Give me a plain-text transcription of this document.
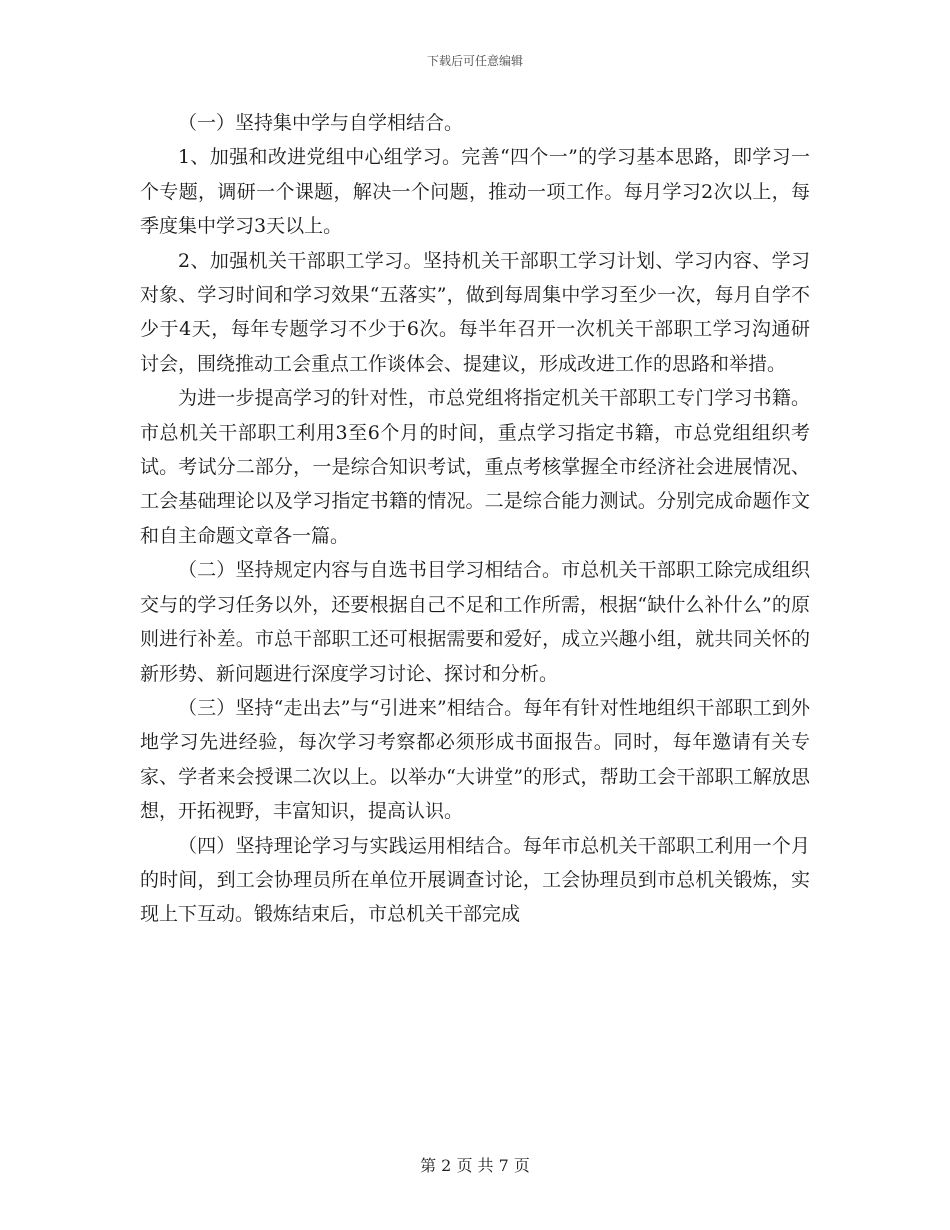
下载后可任意编辑

（一）坚持集中学与自学相结合。

1、加强和改进党组中心组学习。完善“四个一”的学习基本思路，即学习一个专题，调研一个课题，解决一个问题，推动一项工作。每月学习2次以上，每季度集中学习3天以上。

2、加强机关干部职工学习。坚持机关干部职工学习计划、学习内容、学习对象、学习时间和学习效果“五落实”，做到每周集中学习至少一次，每月自学不少于4天，每年专题学习不少于6次。每半年召开一次机关干部职工学习沟通研讨会，围绕推动工会重点工作谈体会、提建议，形成改进工作的思路和举措。

为进一步提高学习的针对性，市总党组将指定机关干部职工专门学习书籍。市总机关干部职工利用3至6个月的时间，重点学习指定书籍，市总党组组织考试。考试分二部分，一是综合知识考试，重点考核掌握全市经济社会进展情况、工会基础理论以及学习指定书籍的情况。二是综合能力测试。分别完成命题作文和自主命题文章各一篇。

（二）坚持规定内容与自选书目学习相结合。市总机关干部职工除完成组织交与的学习任务以外，还要根据自己不足和工作所需，根据“缺什么补什么”的原则进行补差。市总干部职工还可根据需要和爱好，成立兴趣小组，就共同关怀的新形势、新问题进行深度学习讨论、探讨和分析。

（三）坚持“走出去”与“引进来”相结合。每年有针对性地组织干部职工到外地学习先进经验，每次学习考察都必须形成书面报告。同时，每年邀请有关专家、学者来会授课二次以上。以举办“大讲堂”的形式，帮助工会干部职工解放思想，开拓视野，丰富知识，提高认识。

（四）坚持理论学习与实践运用相结合。每年市总机关干部职工利用一个月的时间，到工会协理员所在单位开展调查讨论，工会协理员到市总机关锻炼，实现上下互动。锻炼结束后，市总机关干部完成

第 2 页 共 7 页
